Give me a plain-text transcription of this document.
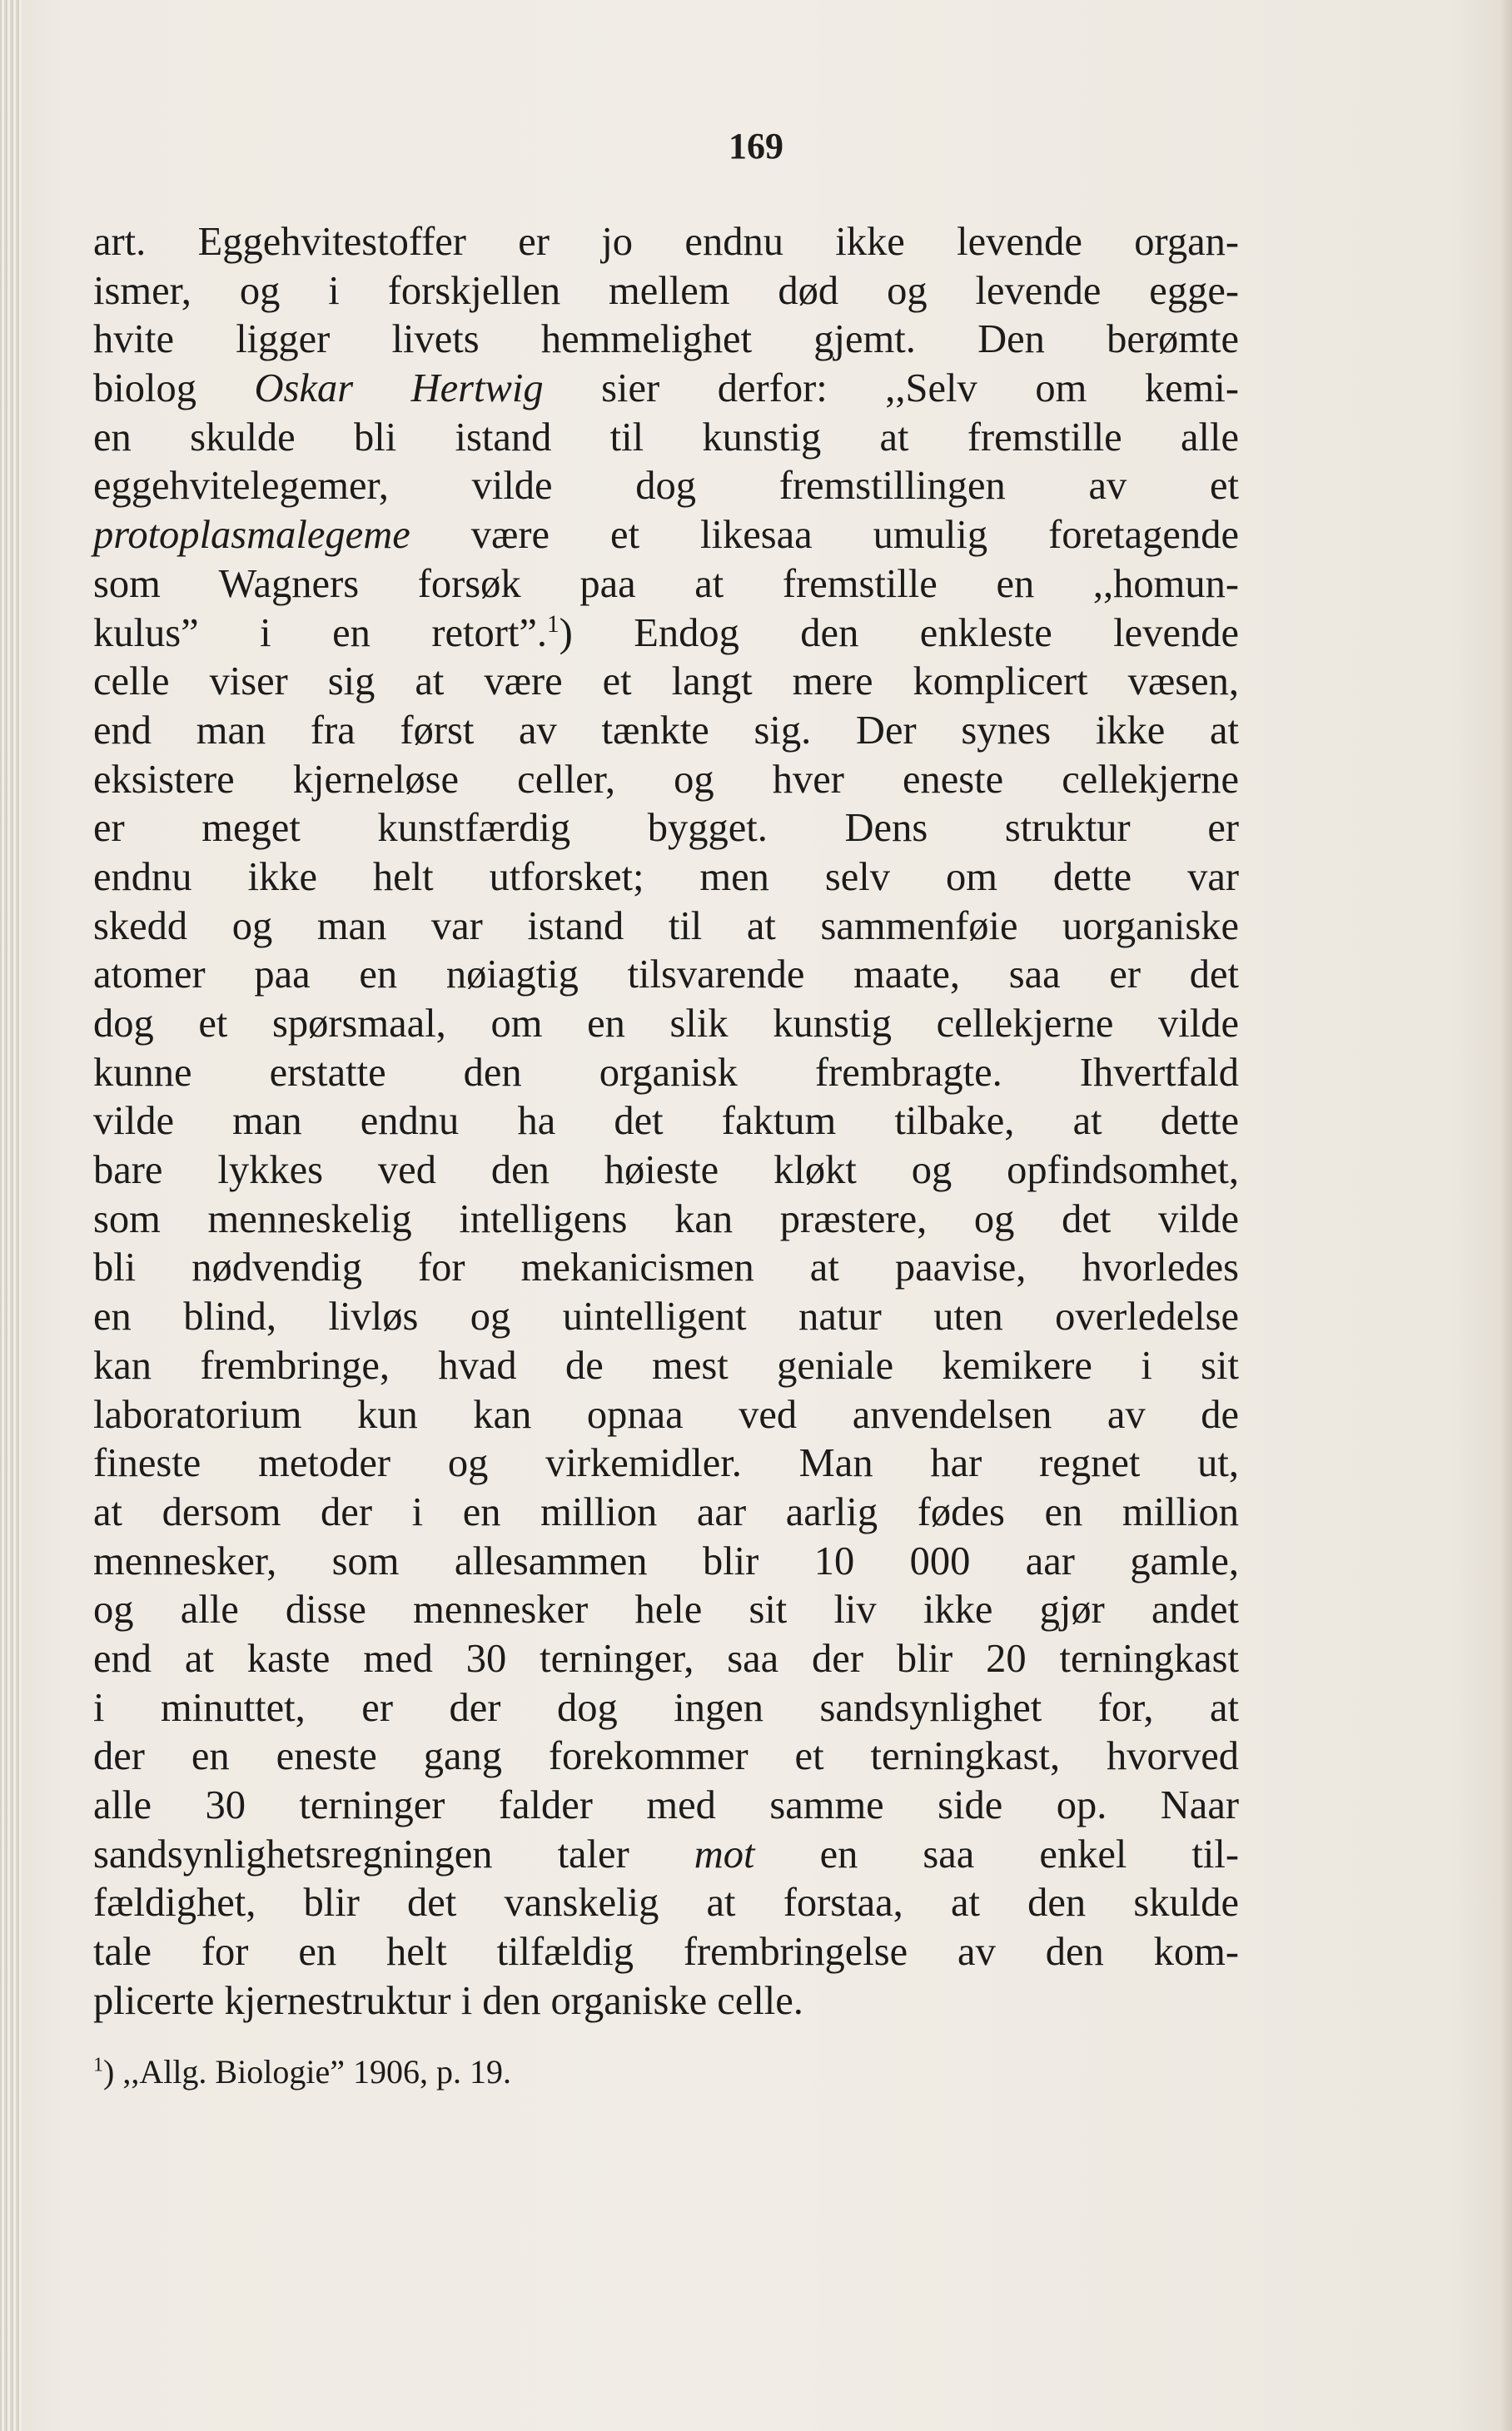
169
art. Eggehvitestoffer er jo endnu ikke levende organ-
ismer, og i forskjellen mellem død og levende egge-
hvite ligger livets hemmelighet gjemt. Den berømte
biolog Oskar Hertwig sier derfor: ,,Selv om kemi-
en skulde bli istand til kunstig at fremstille alle
eggehvitelegemer, vilde dog fremstillingen av et
protoplasmalegeme være et likesaa umulig foretagende
som Wagners forsøk paa at fremstille en ,,homun-
kulus” i en retort”.$^1$) Endog den enkleste levende
celle viser sig at være et langt mere komplicert væsen,
end man fra først av tænkte sig. Der synes ikke at
eksistere kjerneløse celler, og hver eneste cellekjerne
er meget kunstfærdig bygget. Dens struktur er
endnu ikke helt utforsket; men selv om dette var
skedd og man var istand til at sammenføie uorganiske
atomer paa en nøiagtig tilsvarende maate, saa er det
dog et spørsmaal, om en slik kunstig cellekjerne vilde
kunne erstatte den organisk frembragte. Ihvertfald
vilde man endnu ha det faktum tilbake, at dette
bare lykkes ved den høieste kløkt og opfindsomhet,
som menneskelig intelligens kan præstere, og det vilde
bli nødvendig for mekanicismen at paavise, hvorledes
en blind, livløs og uintelligent natur uten overledelse
kan frembringe, hvad de mest geniale kemikere i sit
laboratorium kun kan opnaa ved anvendelsen av de
fineste metoder og virkemidler. Man har regnet ut,
at dersom der i en million aar aarlig fødes en million
mennesker, som allesammen blir 10 000 aar gamle,
og alle disse mennesker hele sit liv ikke gjør andet
end at kaste med 30 terninger, saa der blir 20 terningkast
i minuttet, er der dog ingen sandsynlighet for, at
der en eneste gang forekommer et terningkast, hvorved
alle 30 terninger falder med samme side op. Naar
sandsynlighetsregningen taler mot en saa enkel til-
fældighet, blir det vanskelig at forstaa, at den skulde
tale for en helt tilfældig frembringelse av den kom-
plicerte kjernestruktur i den organiske celle.
$^1$) ,,Allg. Biologie” 1906, p. 19.
